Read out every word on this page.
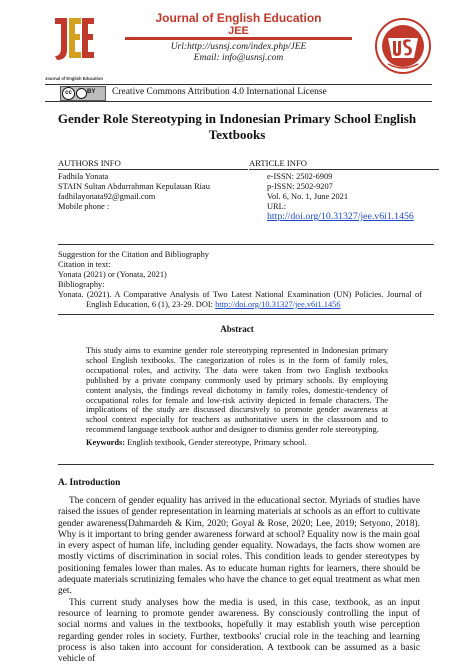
Journal of English Education
Journal of English Education
JEE
Url:http://usnsj.com/index.php/JEE
Email: info@usnsj.com
cc	BY Creative Commons Attribution 4.0 International License
Gender Role Stereotyping in Indonesian Primary School English
Textbooks
AUTHORS INFO
Fadhila Yonata
STAIN Sultan Abdurrahman Kepulauan Riau
fadhilayonata92@gmail.com
Mobile phone :
ARTICLE INFO
e-ISSN: 2502-6909
p-ISSN: 2502-9207
Vol. 6, No. 1, June 2021
URL:
http://doi.org/10.31327/jee.v6i1.1456
Suggestion for the Citation and Bibliography
Citation in text:
Yonata (2021) or (Yonata, 2021)
Bibliography:
Yonata. (2021). A Comparative Analysis of Two Latest National Examination (UN) Policies. Journal of English Education, 6 (1), 23-29. DOI: http://doi.org/10.31327/jee.v6i1.1456
Abstract
This study aims to examine gender role stereotyping represented in Indonesian primary school English textbooks. The categorization of roles is in the form of family roles, occupational roles, and activity. The data were taken from two English textbooks published by a private company commonly used by primary schools. By employing content analysis, the findings reveal dichotomy in family roles, domestic-tendency of occupational roles for female and low-risk activity depicted in female characters. The implications of the study are discussed discursively to promote gender awareness at school context especially for teachers as authoritative users in the classroom and to recommend language textbook author and designer to dismiss gender role stereotyping.
Keywords: English textbook, Gender stereotype, Primary school.
A. Introduction

The concern of gender equality has arrived in the educational sector. Myriads of studies have raised the issues of gender representation in learning materials at schools as an effort to cultivate gender awareness(Dahmardeh & Kim, 2020; Goyal & Rose, 2020; Lee, 2019; Setyono, 2018). Why is it important to bring gender awareness forward at school? Equality now is the main goal in every aspect of human life, including gender equality. Nowadays, the facts show women are mostly victims of discrimination in social roles. This condition leads to gender stereotypes by positioning females lower than males. As to educate human rights for learners, there should be adequate materials scrutinizing females who have the chance to get equal treatment as what men get.

This current study analyses how the media is used, in this case, textbook, as an input resource of learning to promote gender awareness. By consciously controlling the input of social norms and values in the textbooks, hopefully it may establish youth wise perception regarding gender roles in society. Further, textbooks' crucial role in the teaching and learning process is also taken into account for consideration. A textbook can be assumed as a basic vehicle of
